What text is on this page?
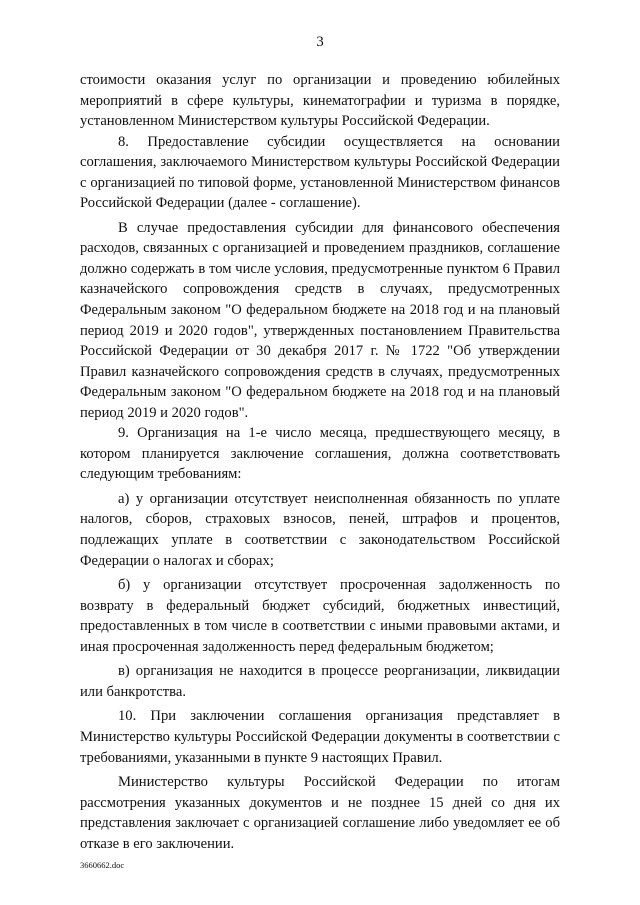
3

стоимости оказания услуг по организации и проведению юбилейных мероприятий в сфере культуры, кинематографии и туризма в порядке, установленном Министерством культуры Российской Федерации.

8. Предоставление субсидии осуществляется на основании соглашения, заключаемого Министерством культуры Российской Федерации с организацией по типовой форме, установленной Министерством финансов Российской Федерации (далее - соглашение).

В случае предоставления субсидии для финансового обеспечения расходов, связанных с организацией и проведением праздников, соглашение должно содержать в том числе условия, предусмотренные пунктом 6 Правил казначейского сопровождения средств в случаях, предусмотренных Федеральным законом "О федеральном бюджете на 2018 год и на плановый период 2019 и 2020 годов", утвержденных постановлением Правительства Российской Федерации от 30 декабря 2017 г. № 1722 "Об утверждении Правил казначейского сопровождения средств в случаях, предусмотренных Федеральным законом "О федеральном бюджете на 2018 год и на плановый период 2019 и 2020 годов".

9. Организация на 1-е число месяца, предшествующего месяцу, в котором планируется заключение соглашения, должна соответствовать следующим требованиям:

а) у организации отсутствует неисполненная обязанность по уплате налогов, сборов, страховых взносов, пеней, штрафов и процентов, подлежащих уплате в соответствии с законодательством Российской Федерации о налогах и сборах;

б) у организации отсутствует просроченная задолженность по возврату в федеральный бюджет субсидий, бюджетных инвестиций, предоставленных в том числе в соответствии с иными правовыми актами, и иная просроченная задолженность перед федеральным бюджетом;

в) организация не находится в процессе реорганизации, ликвидации или банкротства.

10. При заключении соглашения организация представляет в Министерство культуры Российской Федерации документы в соответствии с требованиями, указанными в пункте 9 настоящих Правил.

Министерство культуры Российской Федерации по итогам рассмотрения указанных документов и не позднее 15 дней со дня их представления заключает с организацией соглашение либо уведомляет ее об отказе в его заключении.

3660662.doc
